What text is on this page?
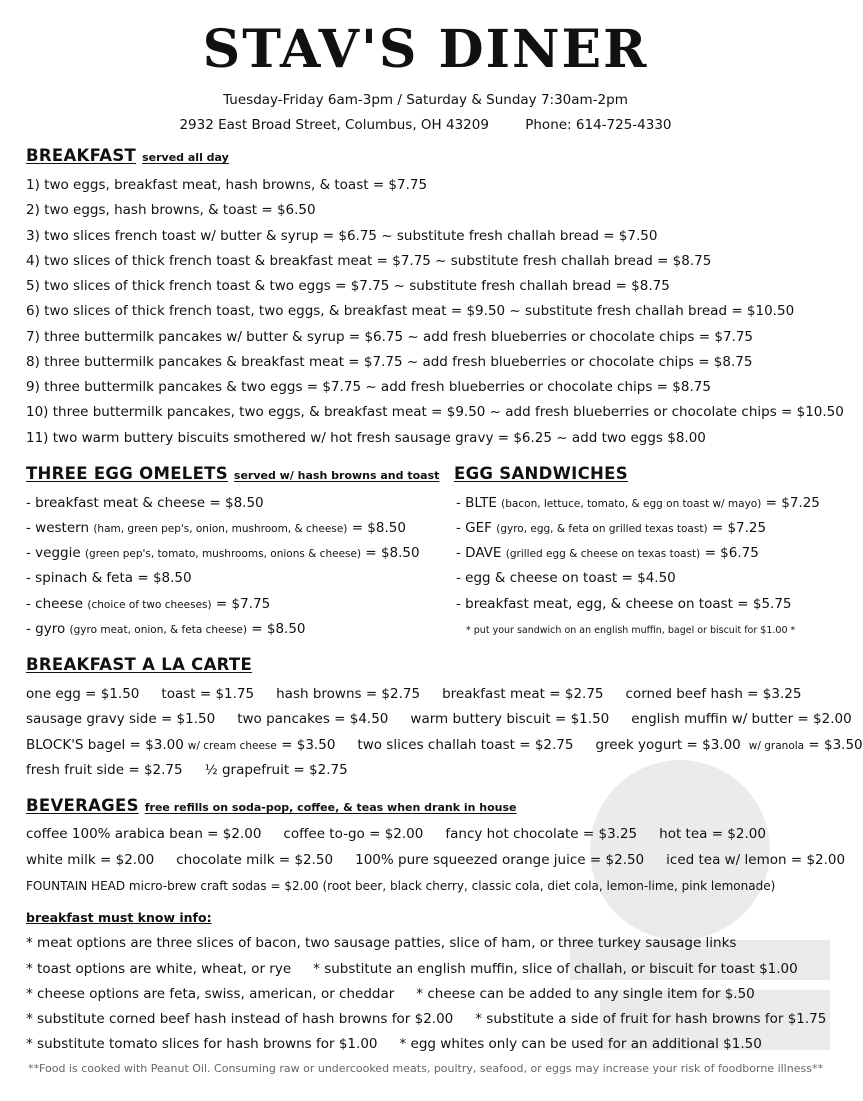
STAV'S DINER
Tuesday-Friday 6am-3pm / Saturday & Sunday 7:30am-2pm
2932 East Broad Street, Columbus, OH 43209	Phone: 614-725-4330
BREAKFAST served all day
1) two eggs, breakfast meat, hash browns, & toast = $7.75
2) two eggs, hash browns, & toast = $6.50
3) two slices french toast w/ butter & syrup = $6.75 ~ substitute fresh challah bread = $7.50
4) two slices of thick french toast & breakfast meat = $7.75 ~ substitute fresh challah bread = $8.75
5) two slices of thick french toast & two eggs = $7.75 ~ substitute fresh challah bread = $8.75
6) two slices of thick french toast, two eggs, & breakfast meat = $9.50 ~ substitute fresh challah bread = $10.50
7) three buttermilk pancakes w/ butter & syrup = $6.75 ~ add fresh blueberries or chocolate chips = $7.75
8) three buttermilk pancakes & breakfast meat = $7.75 ~ add fresh blueberries or chocolate chips = $8.75
9) three buttermilk pancakes & two eggs = $7.75 ~ add fresh blueberries or chocolate chips = $8.75
10) three buttermilk pancakes, two eggs, & breakfast meat = $9.50 ~ add fresh blueberries or chocolate chips = $10.50
11) two warm buttery biscuits smothered w/ hot fresh sausage gravy = $6.25 ~ add two eggs $8.00
THREE EGG OMELETS served w/ hash browns and toast
- breakfast meat & cheese = $8.50
- western (ham, green pep's, onion, mushroom, & cheese) = $8.50
- veggie (green pep's, tomato, mushrooms, onions & cheese) = $8.50
- spinach & feta = $8.50
- cheese (choice of two cheeses) = $7.75
- gyro (gyro meat, onion, & feta cheese) = $8.50
EGG SANDWICHES
- BLTE (bacon, lettuce, tomato, & egg on toast w/ mayo) = $7.25
- GEF (gyro, egg, & feta on grilled texas toast) = $7.25
- DAVE (grilled egg & cheese on texas toast) = $6.75
- egg & cheese on toast = $4.50
- breakfast meat, egg, & cheese on toast = $5.75
* put your sandwich on an english muffin, bagel or biscuit for $1.00 *
BREAKFAST A LA CARTE
one egg = $1.50 toast = $1.75 hash browns = $2.75 breakfast meat = $2.75 corned beef hash = $3.25
sausage gravy side = $1.50 two pancakes = $4.50 warm buttery biscuit = $1.50 english muffin w/ butter = $2.00
BLOCK'S bagel = $3.00 w/ cream cheese = $3.50 two slices challah toast = $2.75 greek yogurt = $3.00 w/ granola = $3.50
fresh fruit side = $2.75 ½ grapefruit = $2.75
BEVERAGES free refills on soda-pop, coffee, & teas when drank in house
coffee 100% arabica bean = $2.00 coffee to-go = $2.00 fancy hot chocolate = $3.25 hot tea = $2.00
white milk = $2.00 chocolate milk = $2.50 100% pure squeezed orange juice = $2.50 iced tea w/ lemon = $2.00
FOUNTAIN HEAD micro-brew craft sodas = $2.00 (root beer, black cherry, classic cola, diet cola, lemon-lime, pink lemonade)
breakfast must know info:
* meat options are three slices of bacon, two sausage patties, slice of ham, or three turkey sausage links
* toast options are white, wheat, or rye * substitute an english muffin, slice of challah, or biscuit for toast $1.00
* cheese options are feta, swiss, american, or cheddar * cheese can be added to any single item for $.50
* substitute corned beef hash instead of hash browns for $2.00 * substitute a side of fruit for hash browns for $1.75
* substitute tomato slices for hash browns for $1.00 * egg whites only can be used for an additional $1.50
**Food is cooked with Peanut Oil. Consuming raw or undercooked meats, poultry, seafood, or eggs may increase your risk of foodborne illness**
